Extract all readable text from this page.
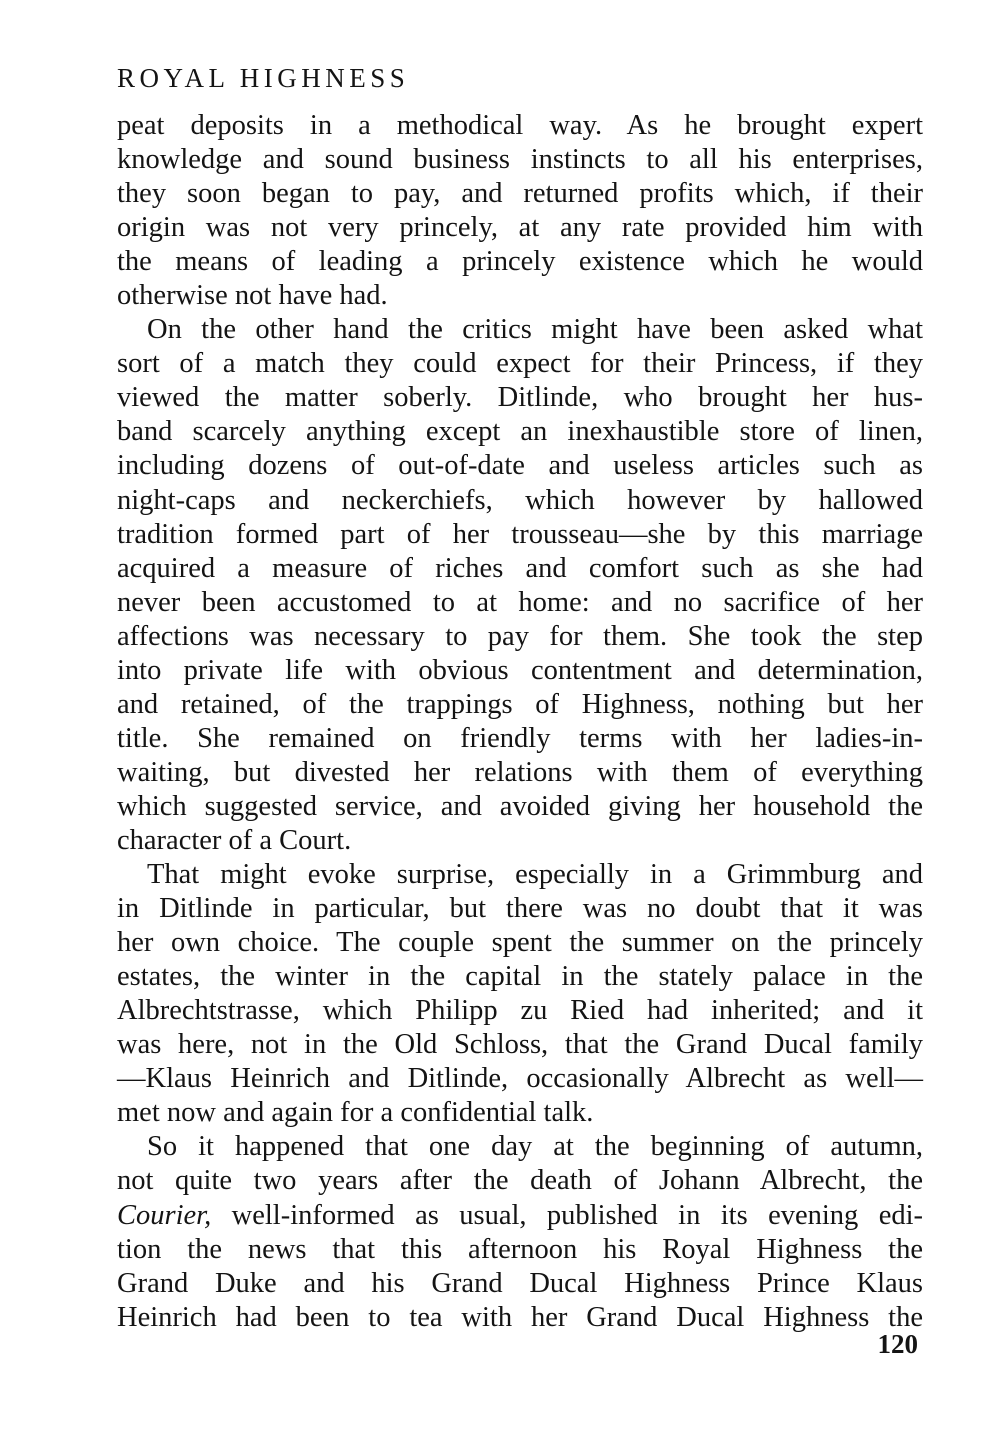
ROYAL HIGHNESS
peat deposits in a methodical way. As he brought expert
knowledge and sound business instincts to all his enterprises,
they soon began to pay, and returned profits which, if their
origin was not very princely, at any rate provided him with
the means of leading a princely existence which he would
otherwise not have had.
On the other hand the critics might have been asked what
sort of a match they could expect for their Princess, if they
viewed the matter soberly. Ditlinde, who brought her hus-
band scarcely anything except an inexhaustible store of linen,
including dozens of out-of-date and useless articles such as
night-caps and neckerchiefs, which however by hallowed
tradition formed part of her trousseau—she by this marriage
acquired a measure of riches and comfort such as she had
never been accustomed to at home: and no sacrifice of her
affections was necessary to pay for them. She took the step
into private life with obvious contentment and determination,
and retained, of the trappings of Highness, nothing but her
title. She remained on friendly terms with her ladies-in-
waiting, but divested her relations with them of everything
which suggested service, and avoided giving her household the
character of a Court.
That might evoke surprise, especially in a Grimmburg and
in Ditlinde in particular, but there was no doubt that it was
her own choice. The couple spent the summer on the princely
estates, the winter in the capital in the stately palace in the
Albrechtstrasse, which Philipp zu Ried had inherited; and it
was here, not in the Old Schloss, that the Grand Ducal family
—Klaus Heinrich and Ditlinde, occasionally Albrecht as well—
met now and again for a confidential talk.
So it happened that one day at the beginning of autumn,
not quite two years after the death of Johann Albrecht, the
Courier, well-informed as usual, published in its evening edi-
tion the news that this afternoon his Royal Highness the
Grand Duke and his Grand Ducal Highness Prince Klaus
Heinrich had been to tea with her Grand Ducal Highness the
120
